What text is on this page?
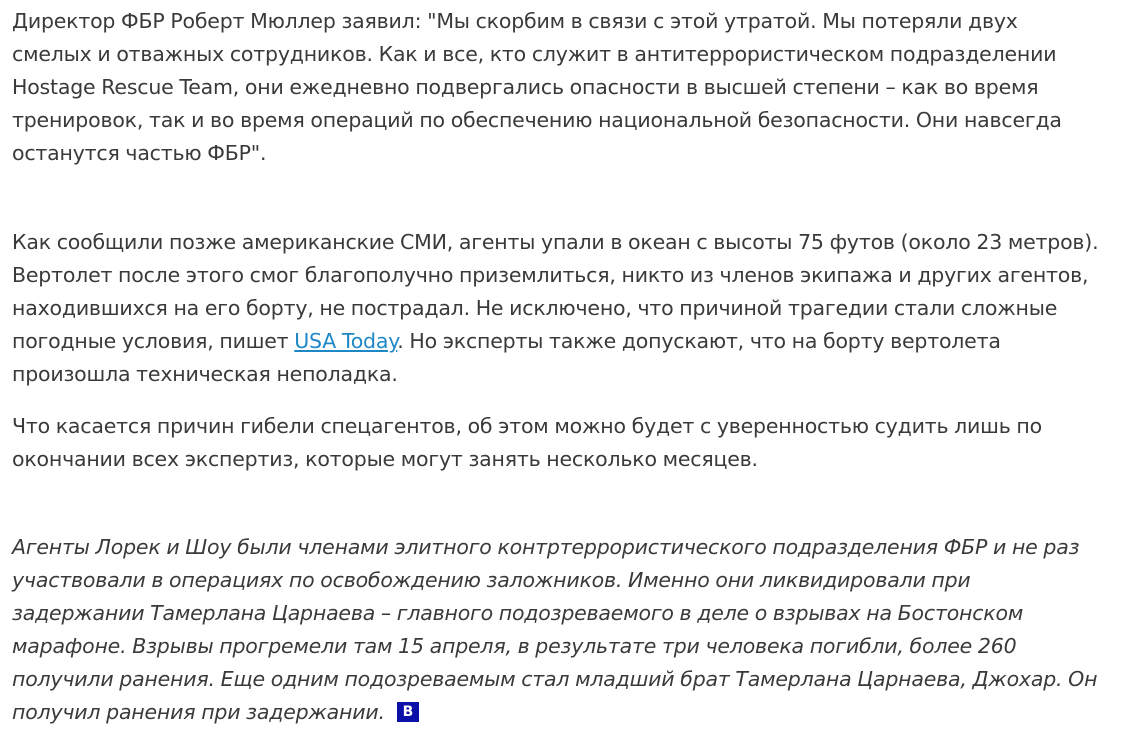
Директор ФБР Роберт Мюллер заявил: "Мы скорбим в связи с этой утратой. Мы потеряли двух смелых и отважных сотрудников. Как и все, кто служит в антитеррористическом подразделении Hostage Rescue Team, они ежедневно подвергались опасности в высшей степени – как во время тренировок, так и во время операций по обеспечению национальной безопасности. Они навсегда останутся частью ФБР".

Как сообщили позже американские СМИ, агенты упали в океан с высоты 75 футов (около 23 метров). Вертолет после этого смог благополучно приземлиться, никто из членов экипажа и других агентов, находившихся на его борту, не пострадал. Не исключено, что причиной трагедии стали сложные погодные условия, пишет USA Today. Но эксперты также допускают, что на борту вертолета произошла техническая неполадка.

Что касается причин гибели спецагентов, об этом можно будет с уверенностью судить лишь по окончании всех экспертиз, которые могут занять несколько месяцев.

Агенты Лорек и Шоу были членами элитного контртеррористического подразделения ФБР и не раз участвовали в операциях по освобождению заложников. Именно они ликвидировали при задержании Тамерлана Царнаева – главного подозреваемого в деле о взрывах на Бостонском марафоне. Взрывы прогремели там 15 апреля, в результате три человека погибли, более 260 получили ранения. Еще одним подозреваемым стал младший брат Тамерлана Царнаева, Джохар. Он получил ранения при задержании.	В
